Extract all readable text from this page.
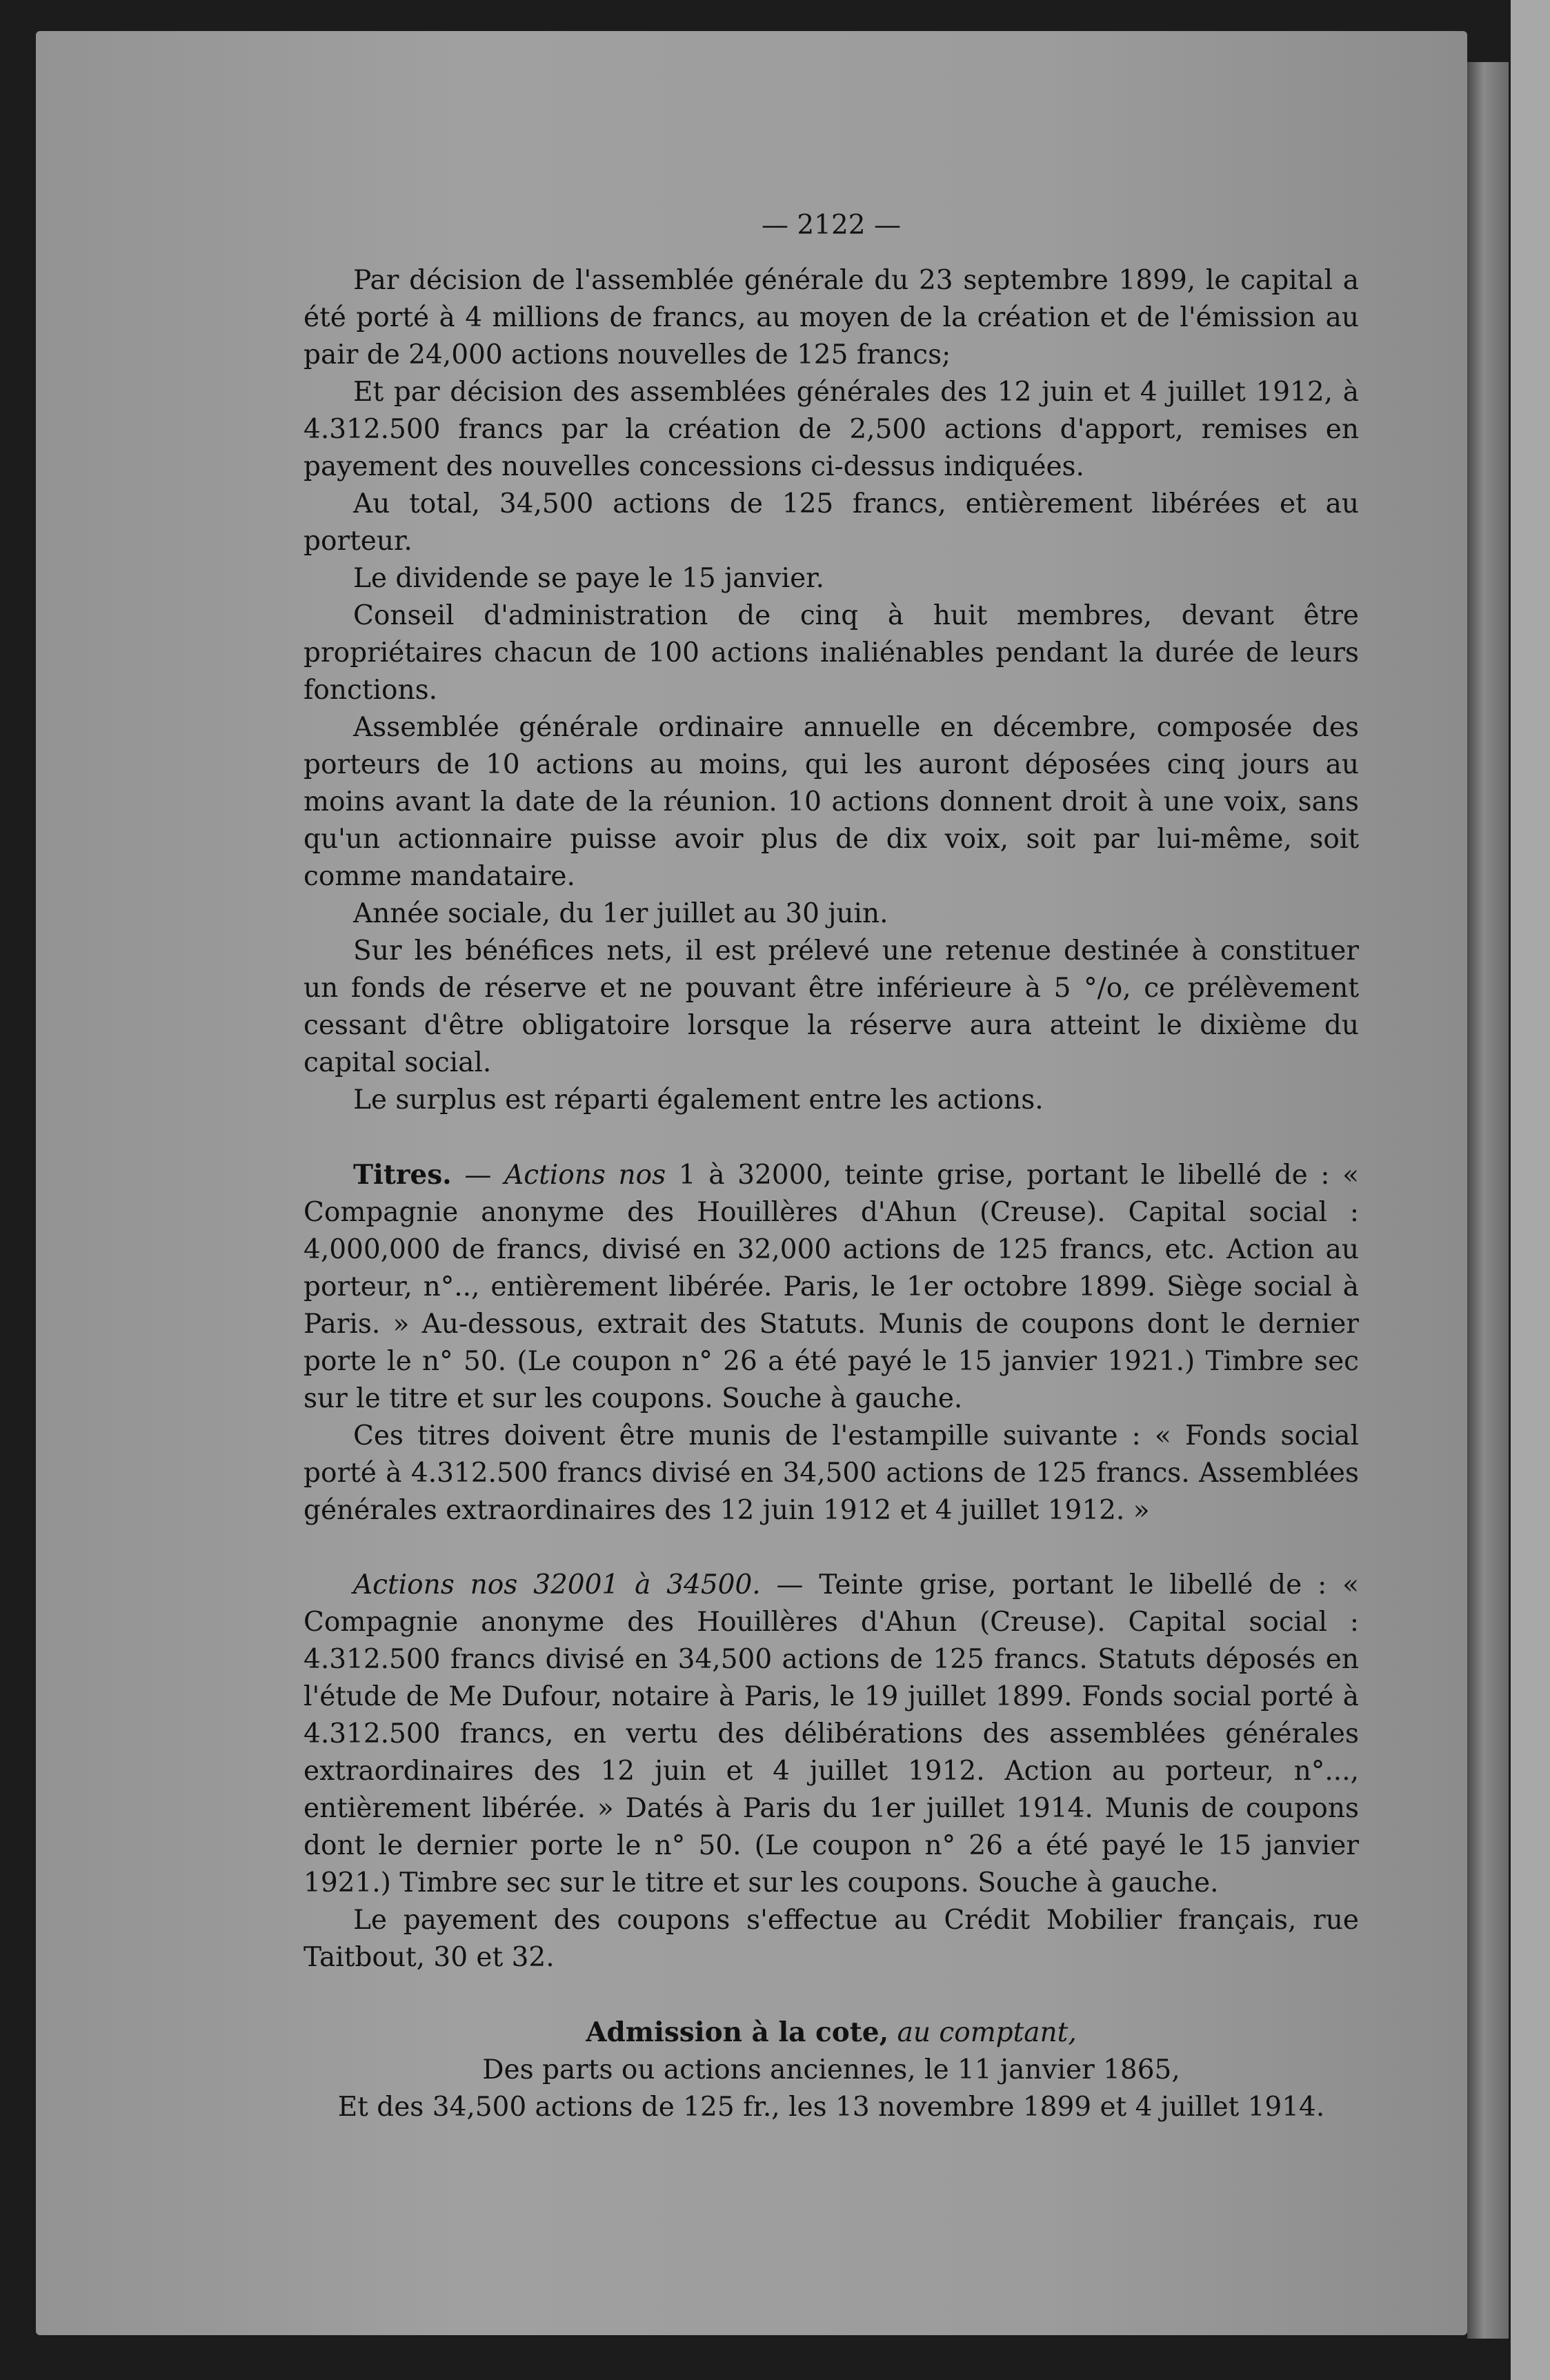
— 2122 —

Par décision de l'assemblée générale du 23 septembre 1899, le capital a été porté à 4 millions de francs, au moyen de la création et de l'émission au pair de 24,000 actions nouvelles de 125 francs;

Et par décision des assemblées générales des 12 juin et 4 juillet 1912, à 4.312.500 francs par la création de 2,500 actions d'apport, remises en payement des nouvelles concessions ci-dessus indiquées.

Au total, 34,500 actions de 125 francs, entièrement libérées et au porteur.

Le dividende se paye le 15 janvier.

Conseil d'administration de cinq à huit membres, devant être propriétaires chacun de 100 actions inaliénables pendant la durée de leurs fonctions.

Assemblée générale ordinaire annuelle en décembre, composée des porteurs de 10 actions au moins, qui les auront déposées cinq jours au moins avant la date de la réunion. 10 actions donnent droit à une voix, sans qu'un actionnaire puisse avoir plus de dix voix, soit par lui-même, soit comme mandataire.

Année sociale, du 1er juillet au 30 juin.

Sur les bénéfices nets, il est prélevé une retenue destinée à constituer un fonds de réserve et ne pouvant être inférieure à 5 °/o, ce prélèvement cessant d'être obligatoire lorsque la réserve aura atteint le dixième du capital social.

Le surplus est réparti également entre les actions.

Titres. — Actions nos 1 à 32000, teinte grise, portant le libellé de : « Compagnie anonyme des Houillères d'Ahun (Creuse). Capital social : 4,000,000 de francs, divisé en 32,000 actions de 125 francs, etc. Action au porteur, n°.., entièrement libérée. Paris, le 1er octobre 1899. Siège social à Paris. » Au-dessous, extrait des Statuts. Munis de coupons dont le dernier porte le n° 50. (Le coupon n° 26 a été payé le 15 janvier 1921.) Timbre sec sur le titre et sur les coupons. Souche à gauche.

Ces titres doivent être munis de l'estampille suivante : « Fonds social porté à 4.312.500 francs divisé en 34,500 actions de 125 francs. Assemblées générales extraordinaires des 12 juin 1912 et 4 juillet 1912. »

Actions nos 32001 à 34500. — Teinte grise, portant le libellé de : « Compagnie anonyme des Houillères d'Ahun (Creuse). Capital social : 4.312.500 francs divisé en 34,500 actions de 125 francs. Statuts déposés en l'étude de Me Dufour, notaire à Paris, le 19 juillet 1899. Fonds social porté à 4.312.500 francs, en vertu des délibérations des assemblées générales extraordinaires des 12 juin et 4 juillet 1912. Action au porteur, n°..., entièrement libérée. » Datés à Paris du 1er juillet 1914. Munis de coupons dont le dernier porte le n° 50. (Le coupon n° 26 a été payé le 15 janvier 1921.) Timbre sec sur le titre et sur les coupons. Souche à gauche.

Le payement des coupons s'effectue au Crédit Mobilier français, rue Taitbout, 30 et 32.

Admission à la cote, au comptant,

Des parts ou actions anciennes, le 11 janvier 1865,

Et des 34,500 actions de 125 fr., les 13 novembre 1899 et 4 juillet 1914.
